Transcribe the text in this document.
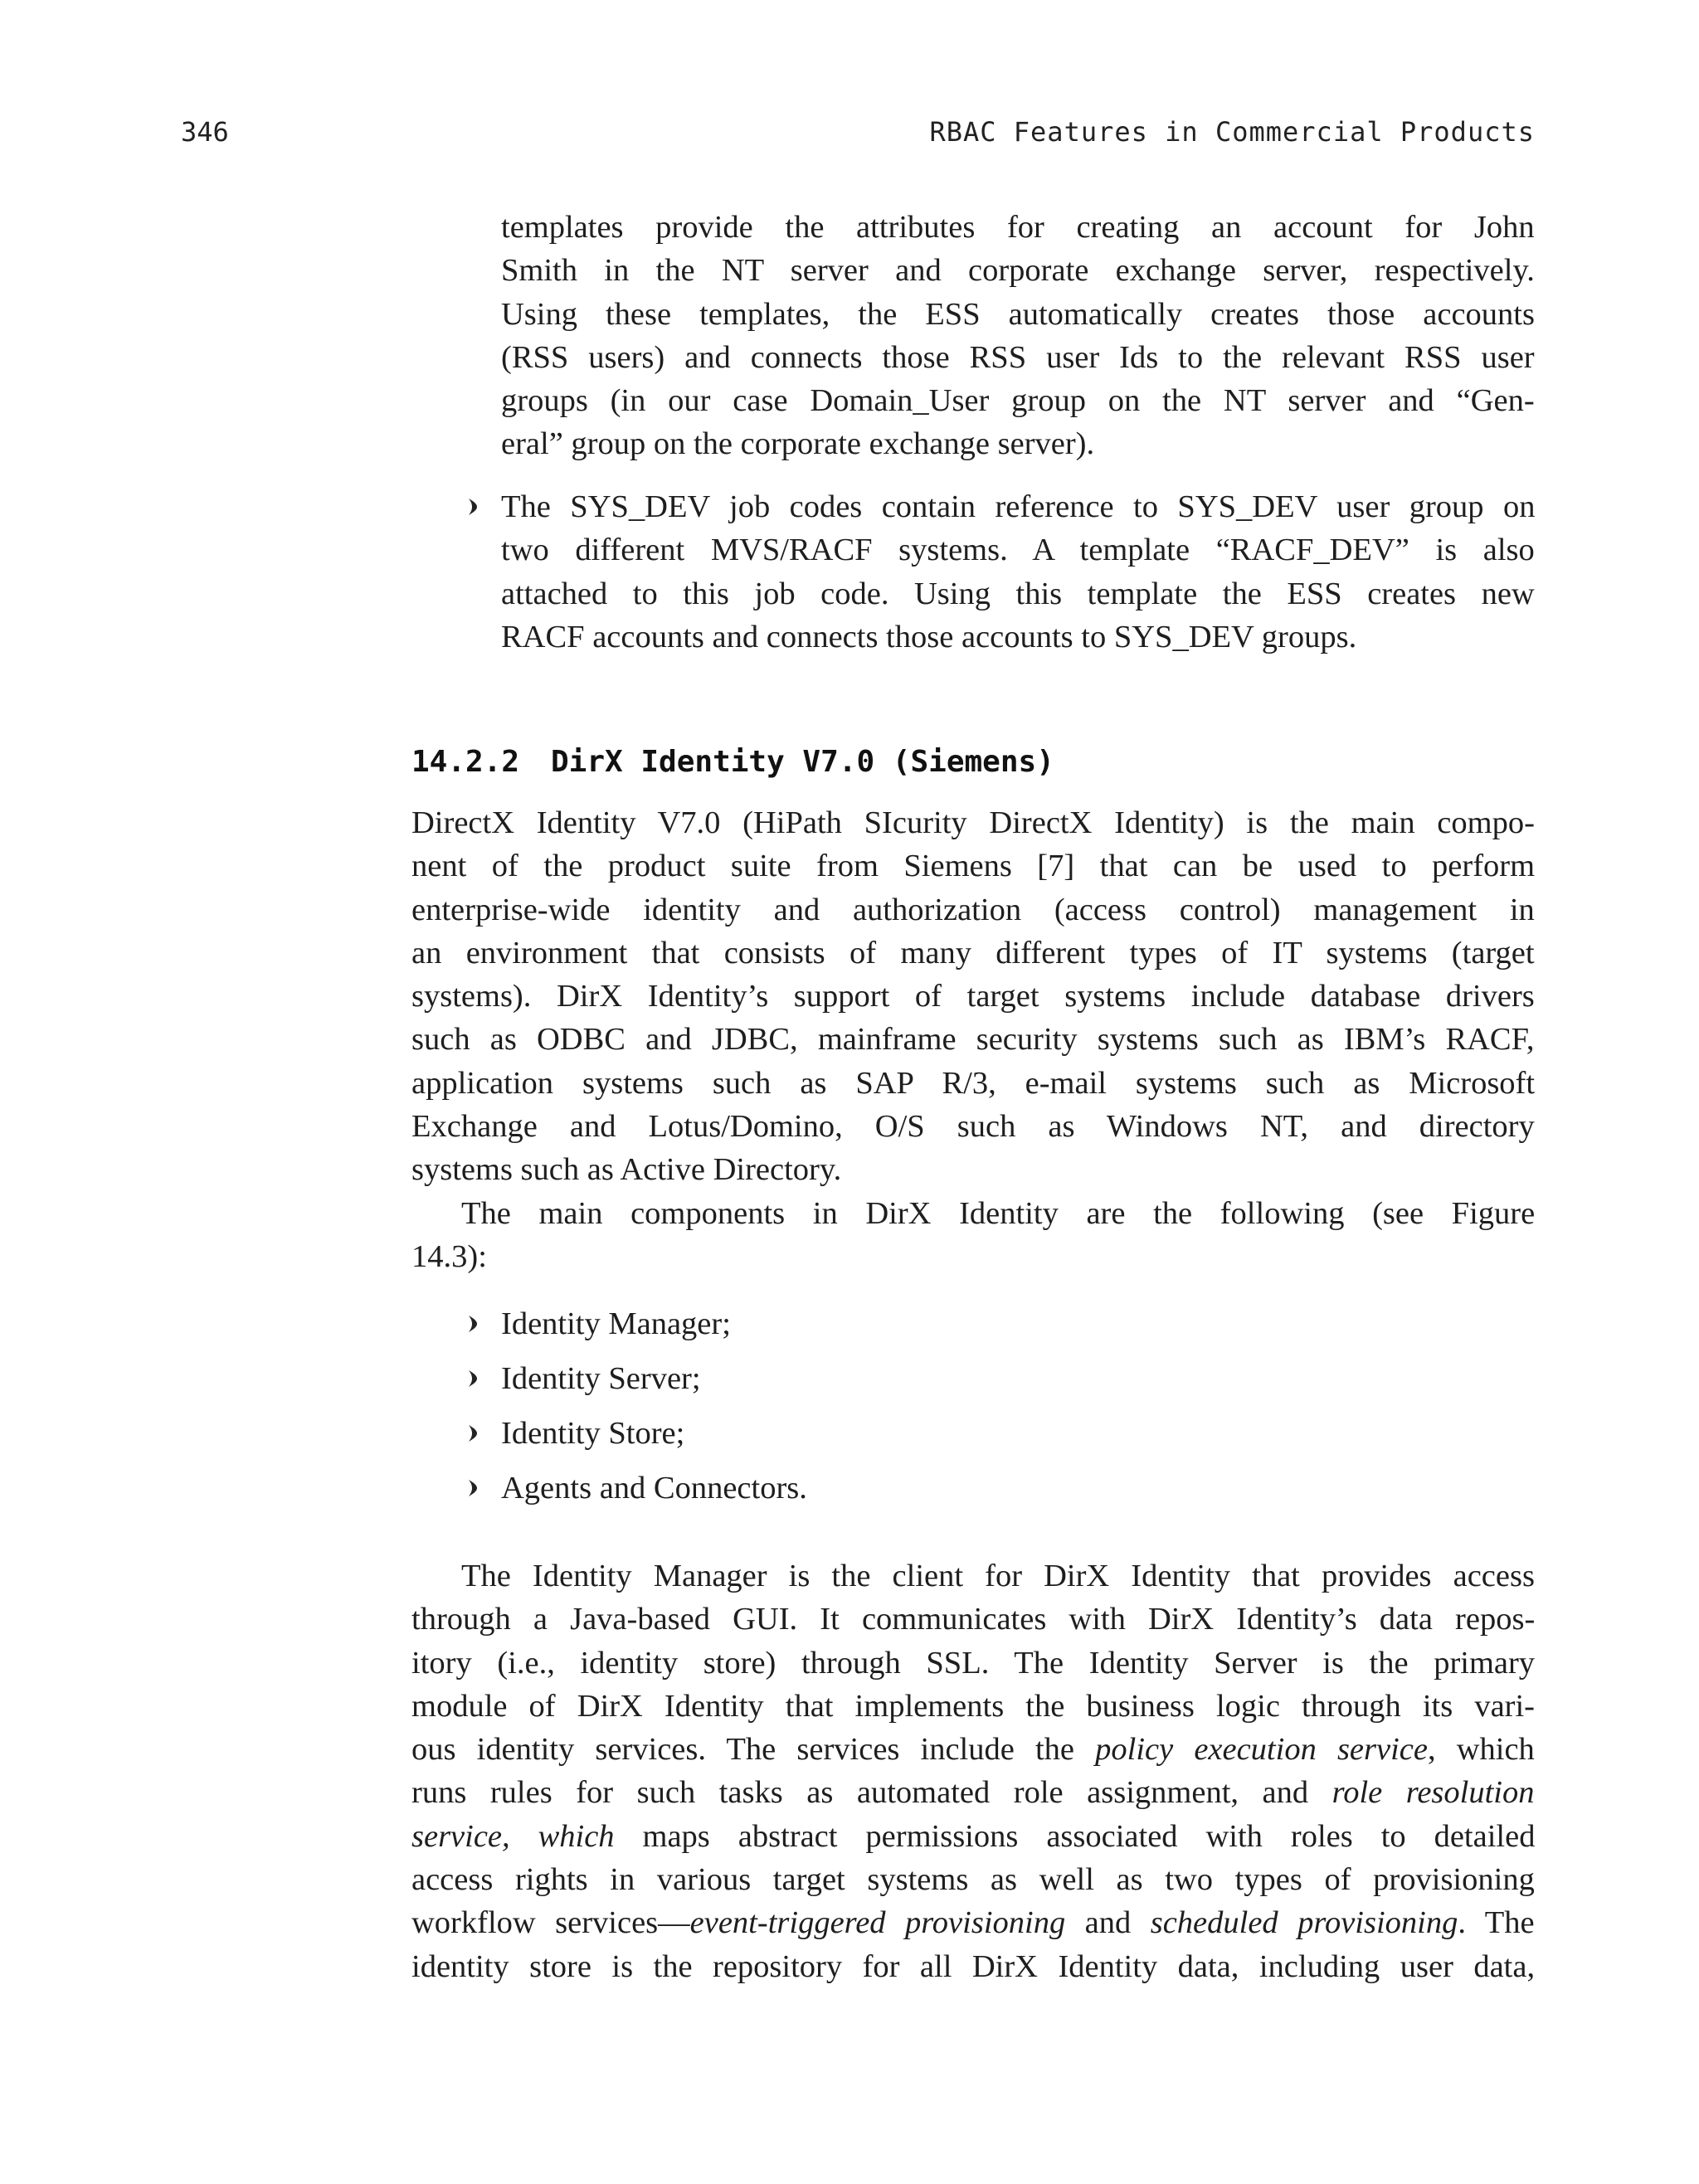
346	RBAC Features in Commercial Products
templates provide the attributes for creating an account for John
Smith in the NT server and corporate exchange server, respectively.
Using these templates, the ESS automatically creates those accounts
(RSS users) and connects those RSS user Ids to the relevant RSS user
groups (in our case Domain_User group on the NT server and “Gen-
eral” group on the corporate exchange server).
The SYS_DEV job codes contain reference to SYS_DEV user group on
two different MVS/RACF systems. A template “RACF_DEV” is also
attached to this job code. Using this template the ESS creates new
RACF accounts and connects those accounts to SYS_DEV groups.
14.2.2 DirX Identity V7.0 (Siemens)
DirectX Identity V7.0 (HiPath SIcurity DirectX Identity) is the main compo-
nent of the product suite from Siemens [7] that can be used to perform
enterprise-wide identity and authorization (access control) management in
an environment that consists of many different types of IT systems (target
systems). DirX Identity’s support of target systems include database drivers
such as ODBC and JDBC, mainframe security systems such as IBM’s RACF,
application systems such as SAP R/3, e-mail systems such as Microsoft
Exchange and Lotus/Domino, O/S such as Windows NT, and directory
systems such as Active Directory.
The main components in DirX Identity are the following (see Figure
14.3):
Identity Manager;
Identity Server;
Identity Store;
Agents and Connectors.
The Identity Manager is the client for DirX Identity that provides access
through a Java-based GUI. It communicates with DirX Identity’s data repos-
itory (i.e., identity store) through SSL. The Identity Server is the primary
module of DirX Identity that implements the business logic through its vari-
ous identity services. The services include the policy execution service, which
runs rules for such tasks as automated role assignment, and role resolution
service, which maps abstract permissions associated with roles to detailed
access rights in various target systems as well as two types of provisioning
workflow services—event-triggered provisioning and scheduled provisioning. The
identity store is the repository for all DirX Identity data, including user data,
